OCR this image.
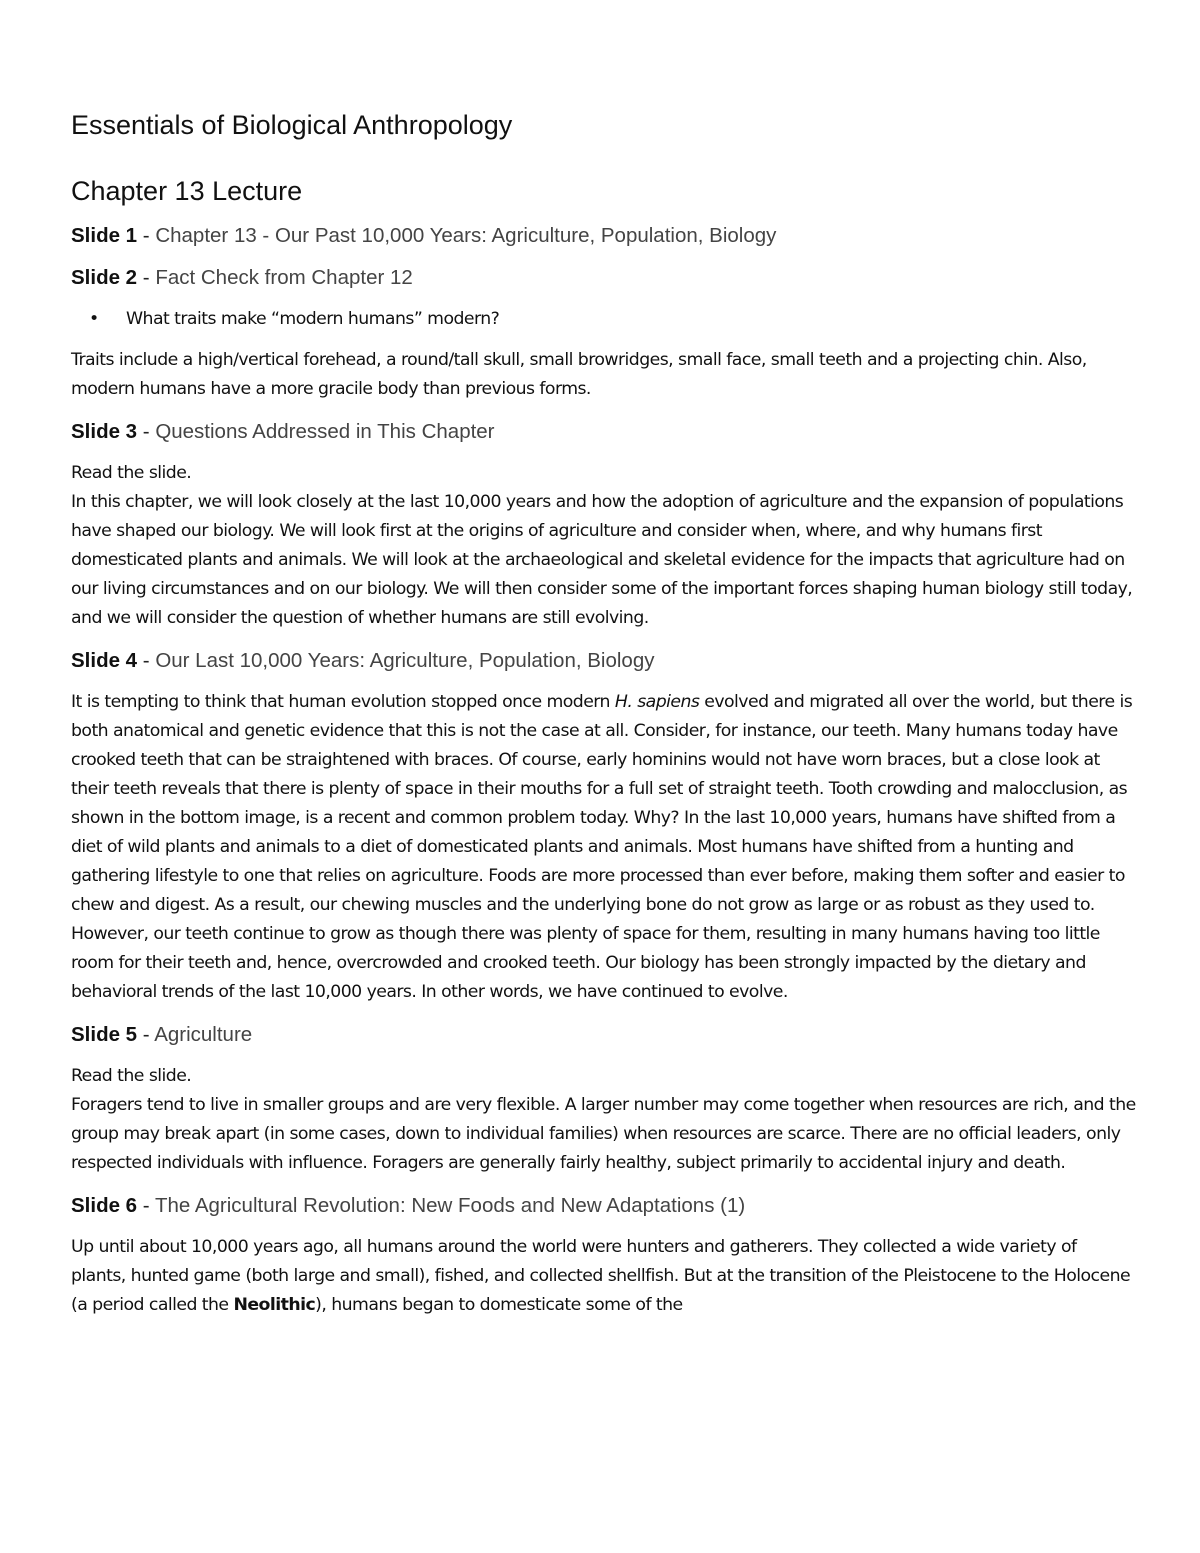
Essentials of Biological Anthropology
Chapter 13 Lecture
Slide 1 - Chapter 13 - Our Past 10,000 Years: Agriculture, Population, Biology
Slide 2 - Fact Check from Chapter 12
• What traits make “modern humans” modern?

Traits include a high/vertical forehead, a round/tall skull, small browridges, small face, small teeth and a projecting chin. Also, modern humans have a more gracile body than previous forms.

Slide 3 - Questions Addressed in This Chapter

Read the slide.

In this chapter, we will look closely at the last 10,000 years and how the adoption of agriculture and the expansion of populations have shaped our biology. We will look first at the origins of agriculture and consider when, where, and why humans first domesticated plants and animals. We will look at the archaeological and skeletal evidence for the impacts that agriculture had on our living circumstances and on our biology. We will then consider some of the important forces shaping human biology still today, and we will consider the question of whether humans are still evolving.

Slide 4 - Our Last 10,000 Years: Agriculture, Population, Biology

It is tempting to think that human evolution stopped once modern H. sapiens evolved and migrated all over the world, but there is both anatomical and genetic evidence that this is not the case at all. Consider, for instance, our teeth. Many humans today have crooked teeth that can be straightened with braces. Of course, early hominins would not have worn braces, but a close look at their teeth reveals that there is plenty of space in their mouths for a full set of straight teeth. Tooth crowding and malocclusion, as shown in the bottom image, is a recent and common problem today. Why? In the last 10,000 years, humans have shifted from a diet of wild plants and animals to a diet of domesticated plants and animals. Most humans have shifted from a hunting and gathering lifestyle to one that relies on agriculture. Foods are more processed than ever before, making them softer and easier to chew and digest. As a result, our chewing muscles and the underlying bone do not grow as large or as robust as they used to. However, our teeth continue to grow as though there was plenty of space for them, resulting in many humans having too little room for their teeth and, hence, overcrowded and crooked teeth. Our biology has been strongly impacted by the dietary and behavioral trends of the last 10,000 years. In other words, we have continued to evolve.

Slide 5 - Agriculture

Read the slide.

Foragers tend to live in smaller groups and are very flexible. A larger number may come together when resources are rich, and the group may break apart (in some cases, down to individual families) when resources are scarce. There are no official leaders, only respected individuals with influence. Foragers are generally fairly healthy, subject primarily to accidental injury and death.

Slide 6 - The Agricultural Revolution: New Foods and New Adaptations (1)

Up until about 10,000 years ago, all humans around the world were hunters and gatherers. They collected a wide variety of plants, hunted game (both large and small), fished, and collected shellfish. But at the transition of the Pleistocene to the Holocene (a period called the Neolithic), humans began to domesticate some of the
